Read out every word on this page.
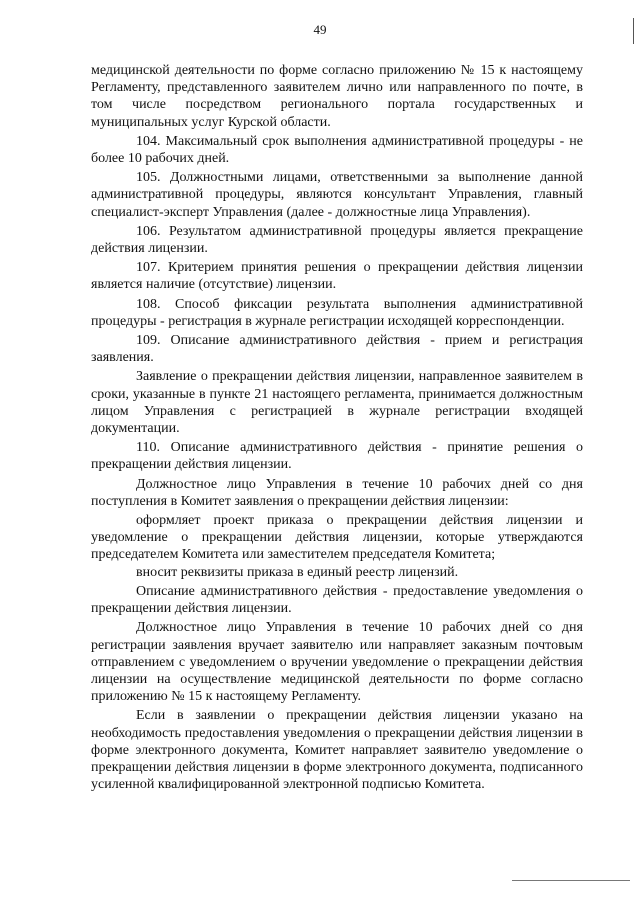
49

медицинской деятельности по форме согласно приложению № 15 к настоящему Регламенту, представленного заявителем лично или направленного по почте, в том числе посредством регионального портала государственных и муниципальных услуг Курской области.

104. Максимальный срок выполнения административной процедуры - не более 10 рабочих дней.

105. Должностными лицами, ответственными за выполнение данной административной процедуры, являются консультант Управления, главный специалист-эксперт Управления (далее - должностные лица Управления).

106. Результатом административной процедуры является прекращение действия лицензии.

107. Критерием принятия решения о прекращении действия лицензии является наличие (отсутствие) лицензии.

108. Способ фиксации результата выполнения административной процедуры - регистрация в журнале регистрации исходящей корреспонденции.

109. Описание административного действия - прием и регистрация заявления.

Заявление о прекращении действия лицензии, направленное заявителем в сроки, указанные в пункте 21 настоящего регламента, принимается должностным лицом Управления с регистрацией в журнале регистрации входящей документации.

110. Описание административного действия - принятие решения о прекращении действия лицензии.

Должностное лицо Управления в течение 10 рабочих дней со дня поступления в Комитет заявления о прекращении действия лицензии:

оформляет проект приказа о прекращении действия лицензии и уведомление о прекращении действия лицензии, которые утверждаются председателем Комитета или заместителем председателя Комитета;

вносит реквизиты приказа в единый реестр лицензий.

Описание административного действия - предоставление уведомления о прекращении действия лицензии.

Должностное лицо Управления в течение 10 рабочих дней со дня регистрации заявления вручает заявителю или направляет заказным почтовым отправлением с уведомлением о вручении уведомление о прекращении действия лицензии на осуществление медицинской деятельности по форме согласно приложению № 15 к настоящему Регламенту.

Если в заявлении о прекращении действия лицензии указано на необходимость предоставления уведомления о прекращении действия лицензии в форме электронного документа, Комитет направляет заявителю уведомление о прекращении действия лицензии в форме электронного документа, подписанного усиленной квалифицированной электронной подписью Комитета.
